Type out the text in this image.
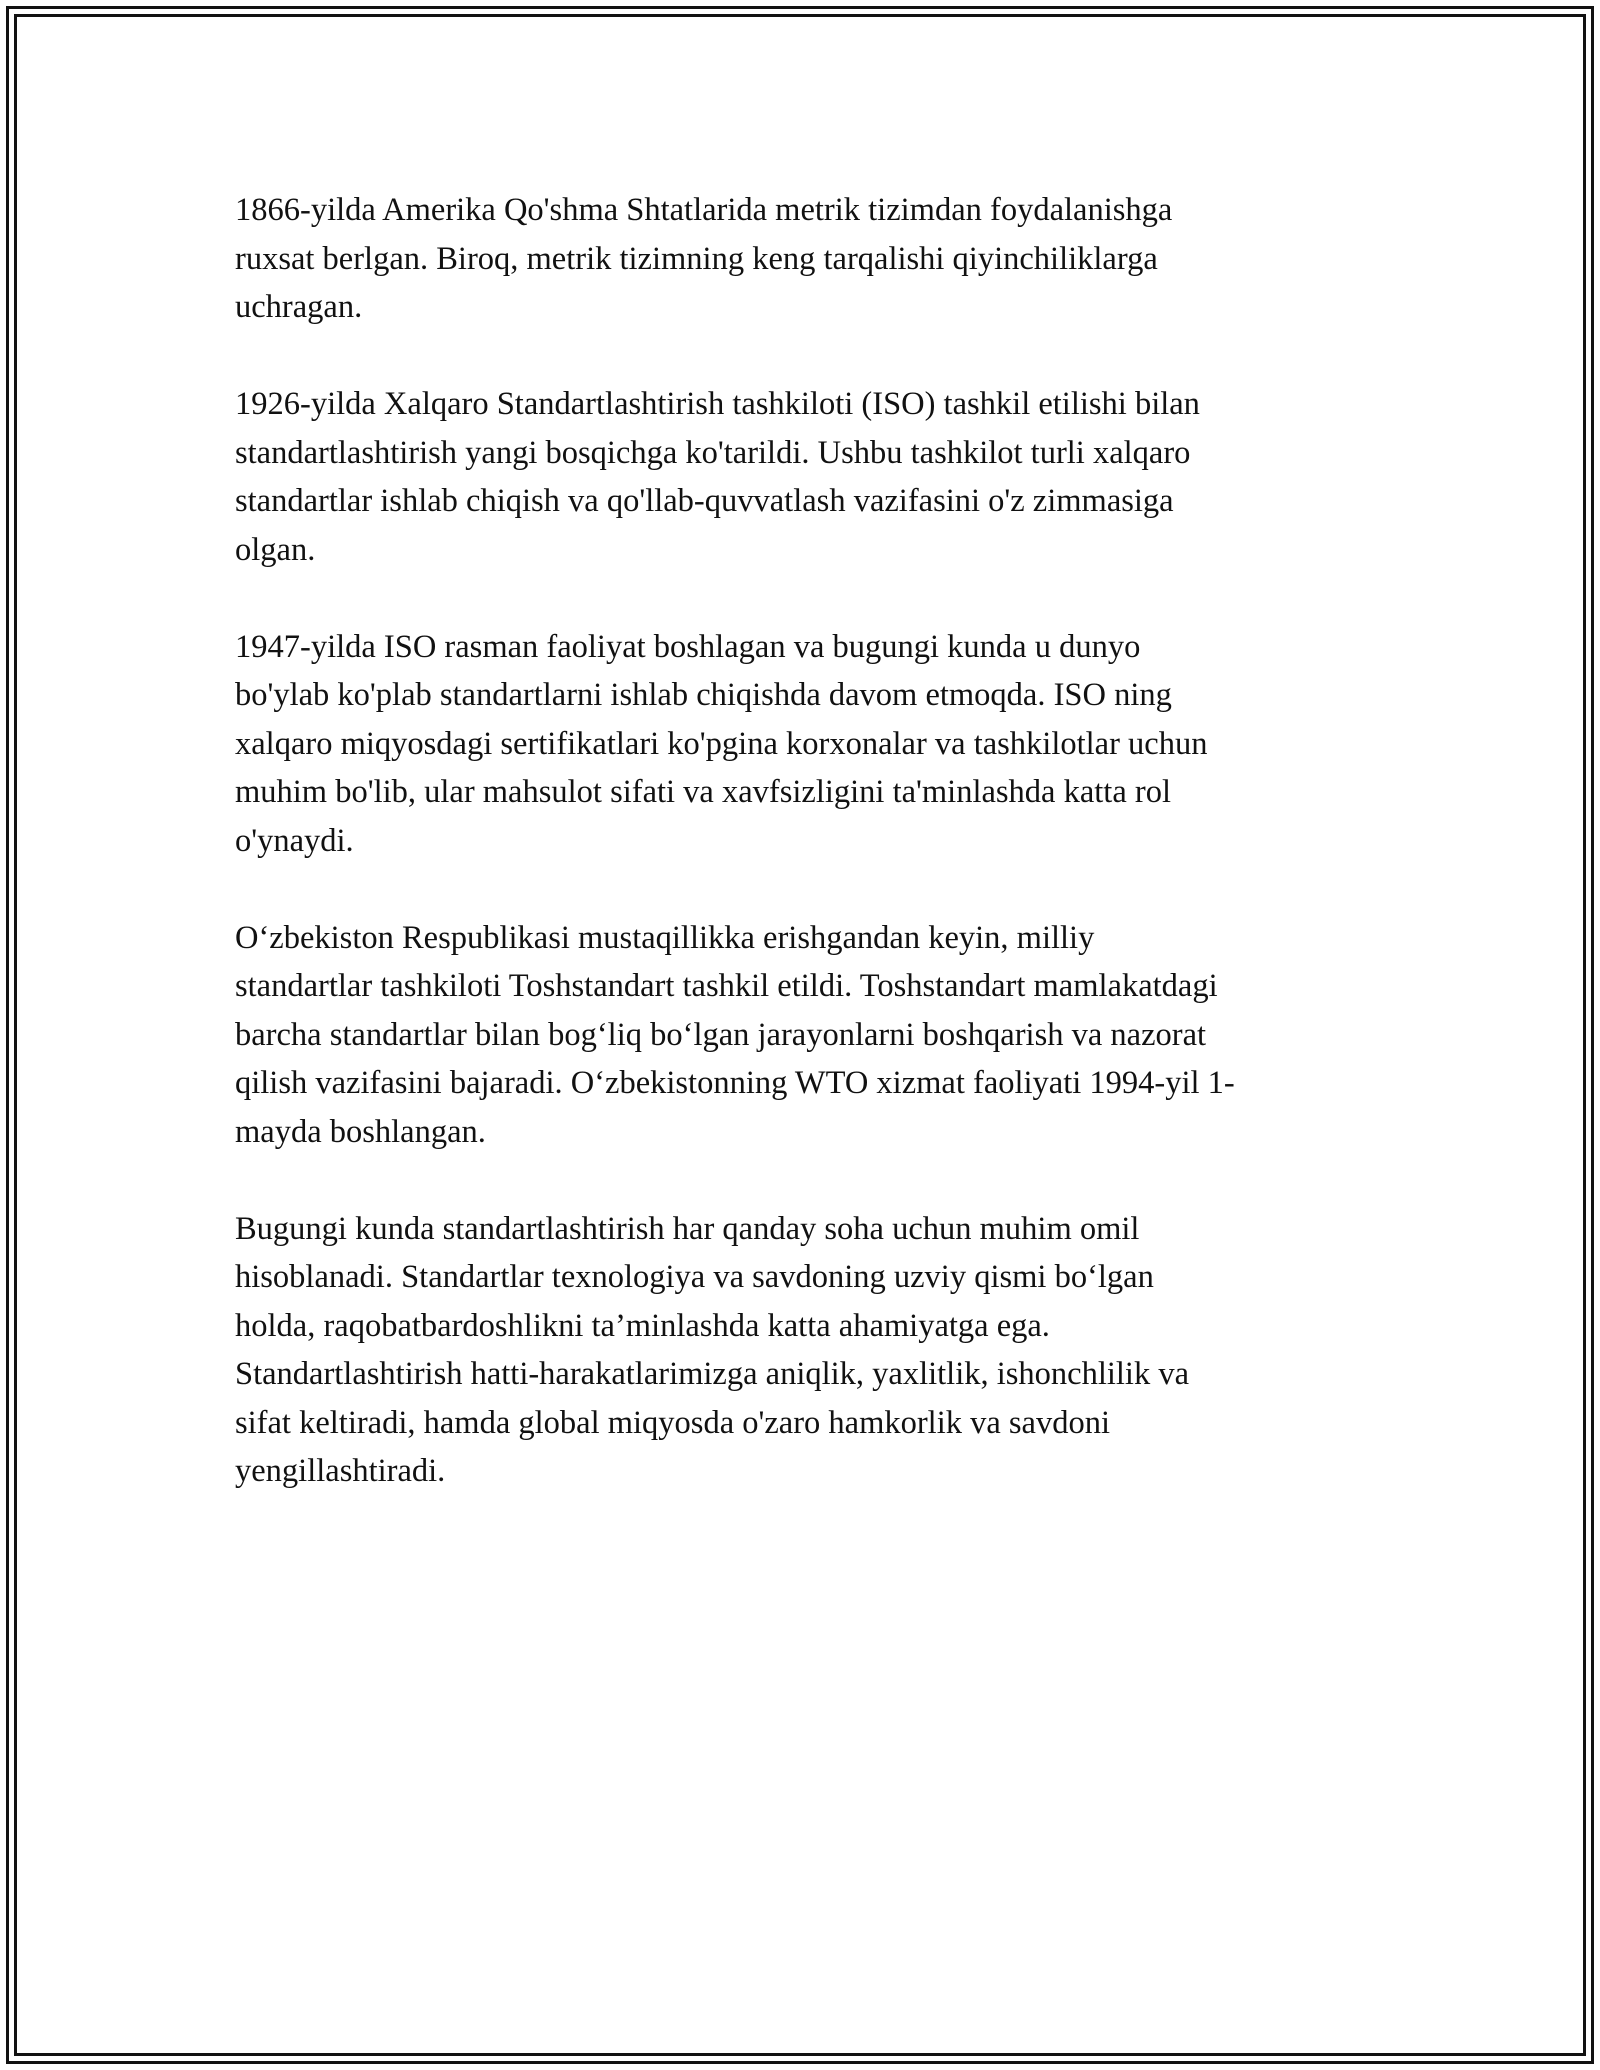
1866-yilda Amerika Qo'shma Shtatlarida metrik tizimdan foydalanishga
ruxsat berlgan. Biroq, metrik tizimning keng tarqalishi qiyinchiliklarga
uchragan.

1926-yilda Xalqaro Standartlashtirish tashkiloti (ISO) tashkil etilishi bilan
standartlashtirish yangi bosqichga ko'tarildi. Ushbu tashkilot turli xalqaro
standartlar ishlab chiqish va qo'llab-quvvatlash vazifasini o'z zimmasiga
olgan.

1947-yilda ISO rasman faoliyat boshlagan va bugungi kunda u dunyo
bo'ylab ko'plab standartlarni ishlab chiqishda davom etmoqda. ISO ning
xalqaro miqyosdagi sertifikatlari ko'pgina korxonalar va tashkilotlar uchun
muhim bo'lib, ular mahsulot sifati va xavfsizligini ta'minlashda katta rol
o'ynaydi.

O‘zbekiston Respublikasi mustaqillikka erishgandan keyin, milliy
standartlar tashkiloti Toshstandart tashkil etildi. Toshstandart mamlakatdagi
barcha standartlar bilan bog‘liq bo‘lgan jarayonlarni boshqarish va nazorat
qilish vazifasini bajaradi. O‘zbekistonning WTO xizmat faoliyati 1994-yil 1-
mayda boshlangan.

Bugungi kunda standartlashtirish har qanday soha uchun muhim omil
hisoblanadi. Standartlar texnologiya va savdoning uzviy qismi bo‘lgan
holda, raqobatbardoshlikni ta’minlashda katta ahamiyatga ega.
Standartlashtirish hatti-harakatlarimizga aniqlik, yaxlitlik, ishonchlilik va
sifat keltiradi, hamda global miqyosda o'zaro hamkorlik va savdoni
yengillashtiradi.
